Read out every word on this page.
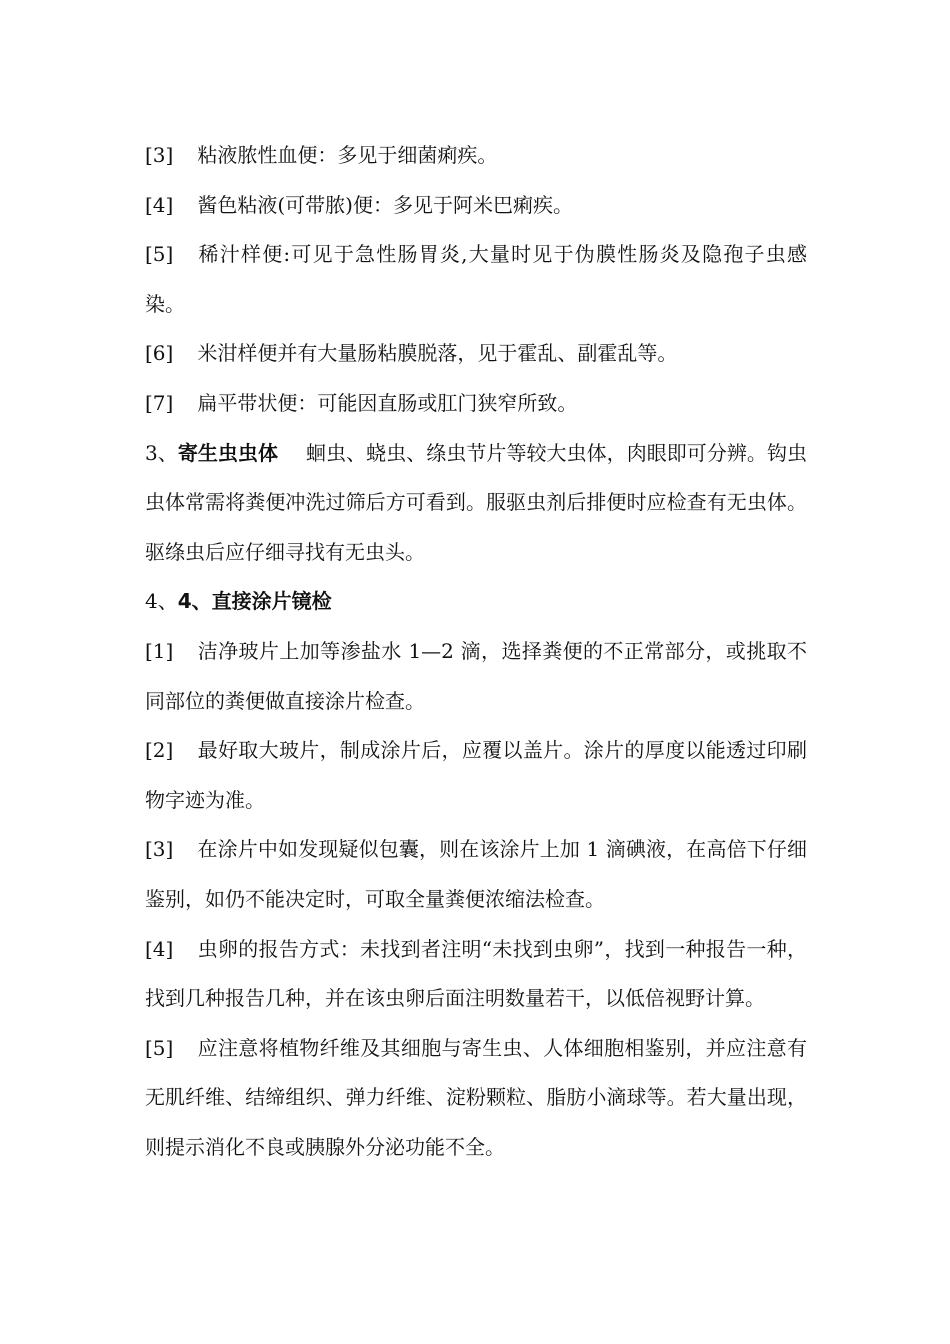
[3] 粘液脓性血便：多见于细菌痢疾。

[4] 酱色粘液(可带脓)便：多见于阿米巴痢疾。

[5] 稀汁样便:可见于急性肠胃炎,大量时见于伪膜性肠炎及隐孢子虫感染。

[6] 米泔样便并有大量肠粘膜脱落，见于霍乱、副霍乱等。

[7] 扁平带状便：可能因直肠或肛门狭窄所致。

3、寄生虫虫体 蛔虫、蛲虫、绦虫节片等较大虫体，肉眼即可分辨。钩虫虫体常需将粪便冲洗过筛后方可看到。服驱虫剂后排便时应检查有无虫体。驱绦虫后应仔细寻找有无虫头。

4、4、直接涂片镜检

[1] 洁净玻片上加等渗盐水 1—2 滴，选择粪便的不正常部分，或挑取不同部位的粪便做直接涂片检查。

[2] 最好取大玻片，制成涂片后，应覆以盖片。涂片的厚度以能透过印刷物字迹为准。

[3] 在涂片中如发现疑似包囊，则在该涂片上加 1 滴碘液，在高倍下仔细鉴别，如仍不能决定时，可取全量粪便浓缩法检查。

[4] 虫卵的报告方式：未找到者注明“未找到虫卵”，找到一种报告一种，找到几种报告几种，并在该虫卵后面注明数量若干，以低倍视野计算。

[5] 应注意将植物纤维及其细胞与寄生虫、人体细胞相鉴别，并应注意有无肌纤维、结缔组织、弹力纤维、淀粉颗粒、脂肪小滴球等。若大量出现，则提示消化不良或胰腺外分泌功能不全。
